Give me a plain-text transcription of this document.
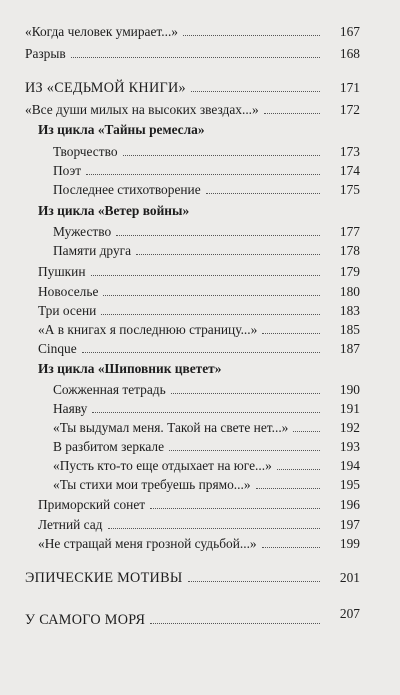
«Когда человек умирает...»	167
Разрыв	168
ИЗ «СЕДЬМОЙ КНИГИ»	171
«Все души милых на высоких звездах...»	172
Из цикла «Тайны ремесла»
Творчество	173
Поэт	174
Последнее стихотворение	175
Из цикла «Ветер войны»
Мужество	177
Памяти друга	178
Пушкин	179
Новоселье	180
Три осени	183
«А в книгах я последнюю страницу...»	185
Cinque	187
Из цикла «Шиповник цветет»
Сожженная тетрадь	190
Наяву	191
«Ты выдумал меня. Такой на свете нет...»	192
В разбитом зеркале	193
«Пусть кто-то еще отдыхает на юге...»	194
«Ты стихи мои требуешь прямо...»	195
Приморский сонет	196
Летний сад	197
«Не стращай меня грозной судьбой...»	199
ЭПИЧЕСКИЕ МОТИВЫ	201
У САМОГО МОРЯ	207
